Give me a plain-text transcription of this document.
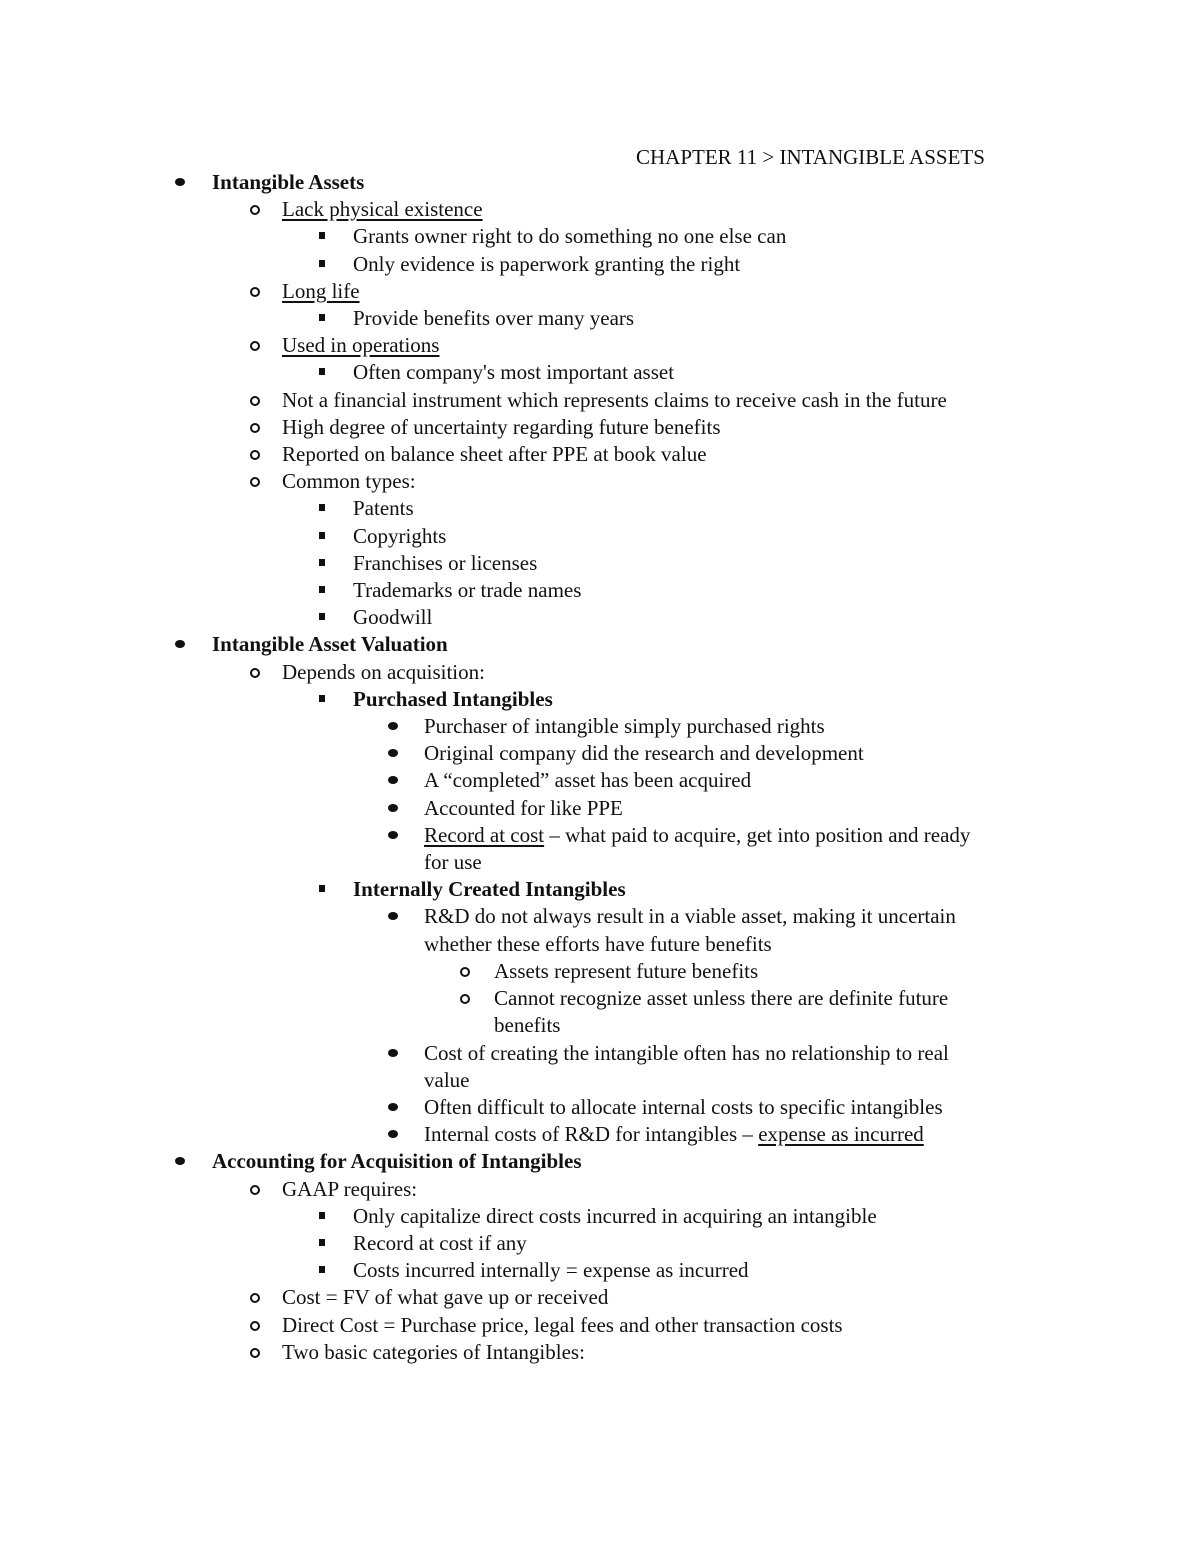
CHAPTER 11 > INTANGIBLE ASSETS
Intangible Assets
Lack physical existence
Grants owner right to do something no one else can
Only evidence is paperwork granting the right
Long life
Provide benefits over many years
Used in operations
Often company's most important asset
Not a financial instrument which represents claims to receive cash in the future
High degree of uncertainty regarding future benefits
Reported on balance sheet after PPE at book value
Common types:
Patents
Copyrights
Franchises or licenses
Trademarks or trade names
Goodwill
Intangible Asset Valuation
Depends on acquisition:
Purchased Intangibles
Purchaser of intangible simply purchased rights
Original company did the research and development
A “completed” asset has been acquired
Accounted for like PPE
Record at cost – what paid to acquire, get into position and ready
for use
Internally Created Intangibles
R&D do not always result in a viable asset, making it uncertain
whether these efforts have future benefits
Assets represent future benefits
Cannot recognize asset unless there are definite future
benefits
Cost of creating the intangible often has no relationship to real
value
Often difficult to allocate internal costs to specific intangibles
Internal costs of R&D for intangibles – expense as incurred
Accounting for Acquisition of Intangibles
GAAP requires:
Only capitalize direct costs incurred in acquiring an intangible
Record at cost if any
Costs incurred internally = expense as incurred
Cost = FV of what gave up or received
Direct Cost = Purchase price, legal fees and other transaction costs
Two basic categories of Intangibles:
